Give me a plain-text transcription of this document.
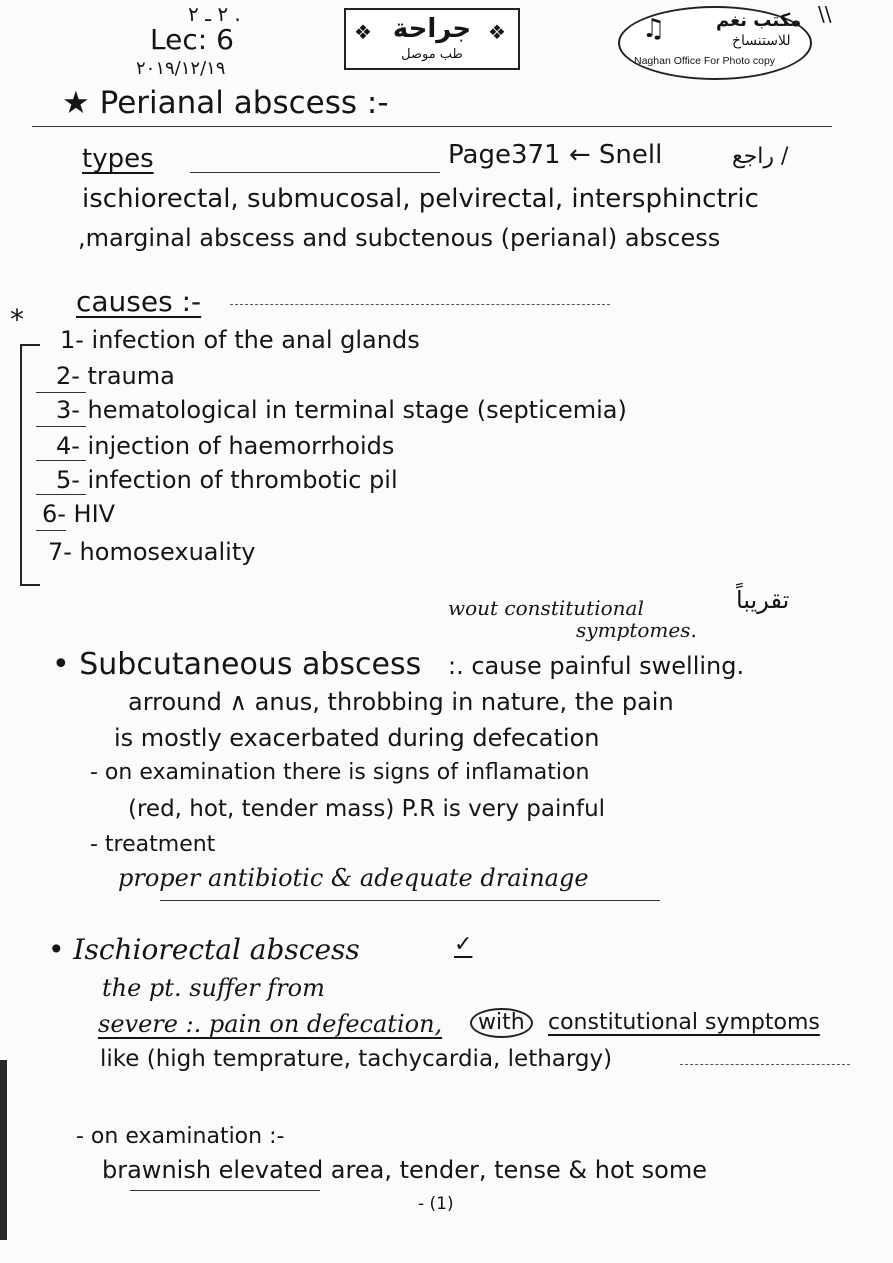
٢ ـ ٢ .
Lec: 6
٢٠١٩/١٢/١٩
جراحة
❖	❖
طب موصل
مكتب نغم
للاستنساخ
♫
Naghan Office For Photo copy
\\
★ Perianal abscess :-
types	Page371 ← Snell	راجع /
ischiorectal, submucosal, pelvirectal, intersphinctric
,marginal abscess and subctenous (perianal) abscess
*
causes :-
1- infection of the anal glands
2- trauma
3- hematological in terminal stage (septicemia)
4- injection of haemorrhoids
5- infection of thrombotic pil
6- HIV
7- homosexuality
تقريباً
wout constitutional
symptomes.
• Subcutaneous abscess :. cause painful swelling.
arround ∧ anus, throbbing in nature, the pain
is mostly exacerbated during defecation
- on examination there is signs of inflamation
(red, hot, tender mass) P.R is very painful
- treatment
proper antibiotic & adequate drainage
• Ischiorectal abscess	✓
the pt. suffer from
severe :. pain on defecation,	with	constitutional symptoms
like (high temprature, tachycardia, lethargy)
- on examination :-
brawnish elevated area, tender, tense & hot some
- (1)
